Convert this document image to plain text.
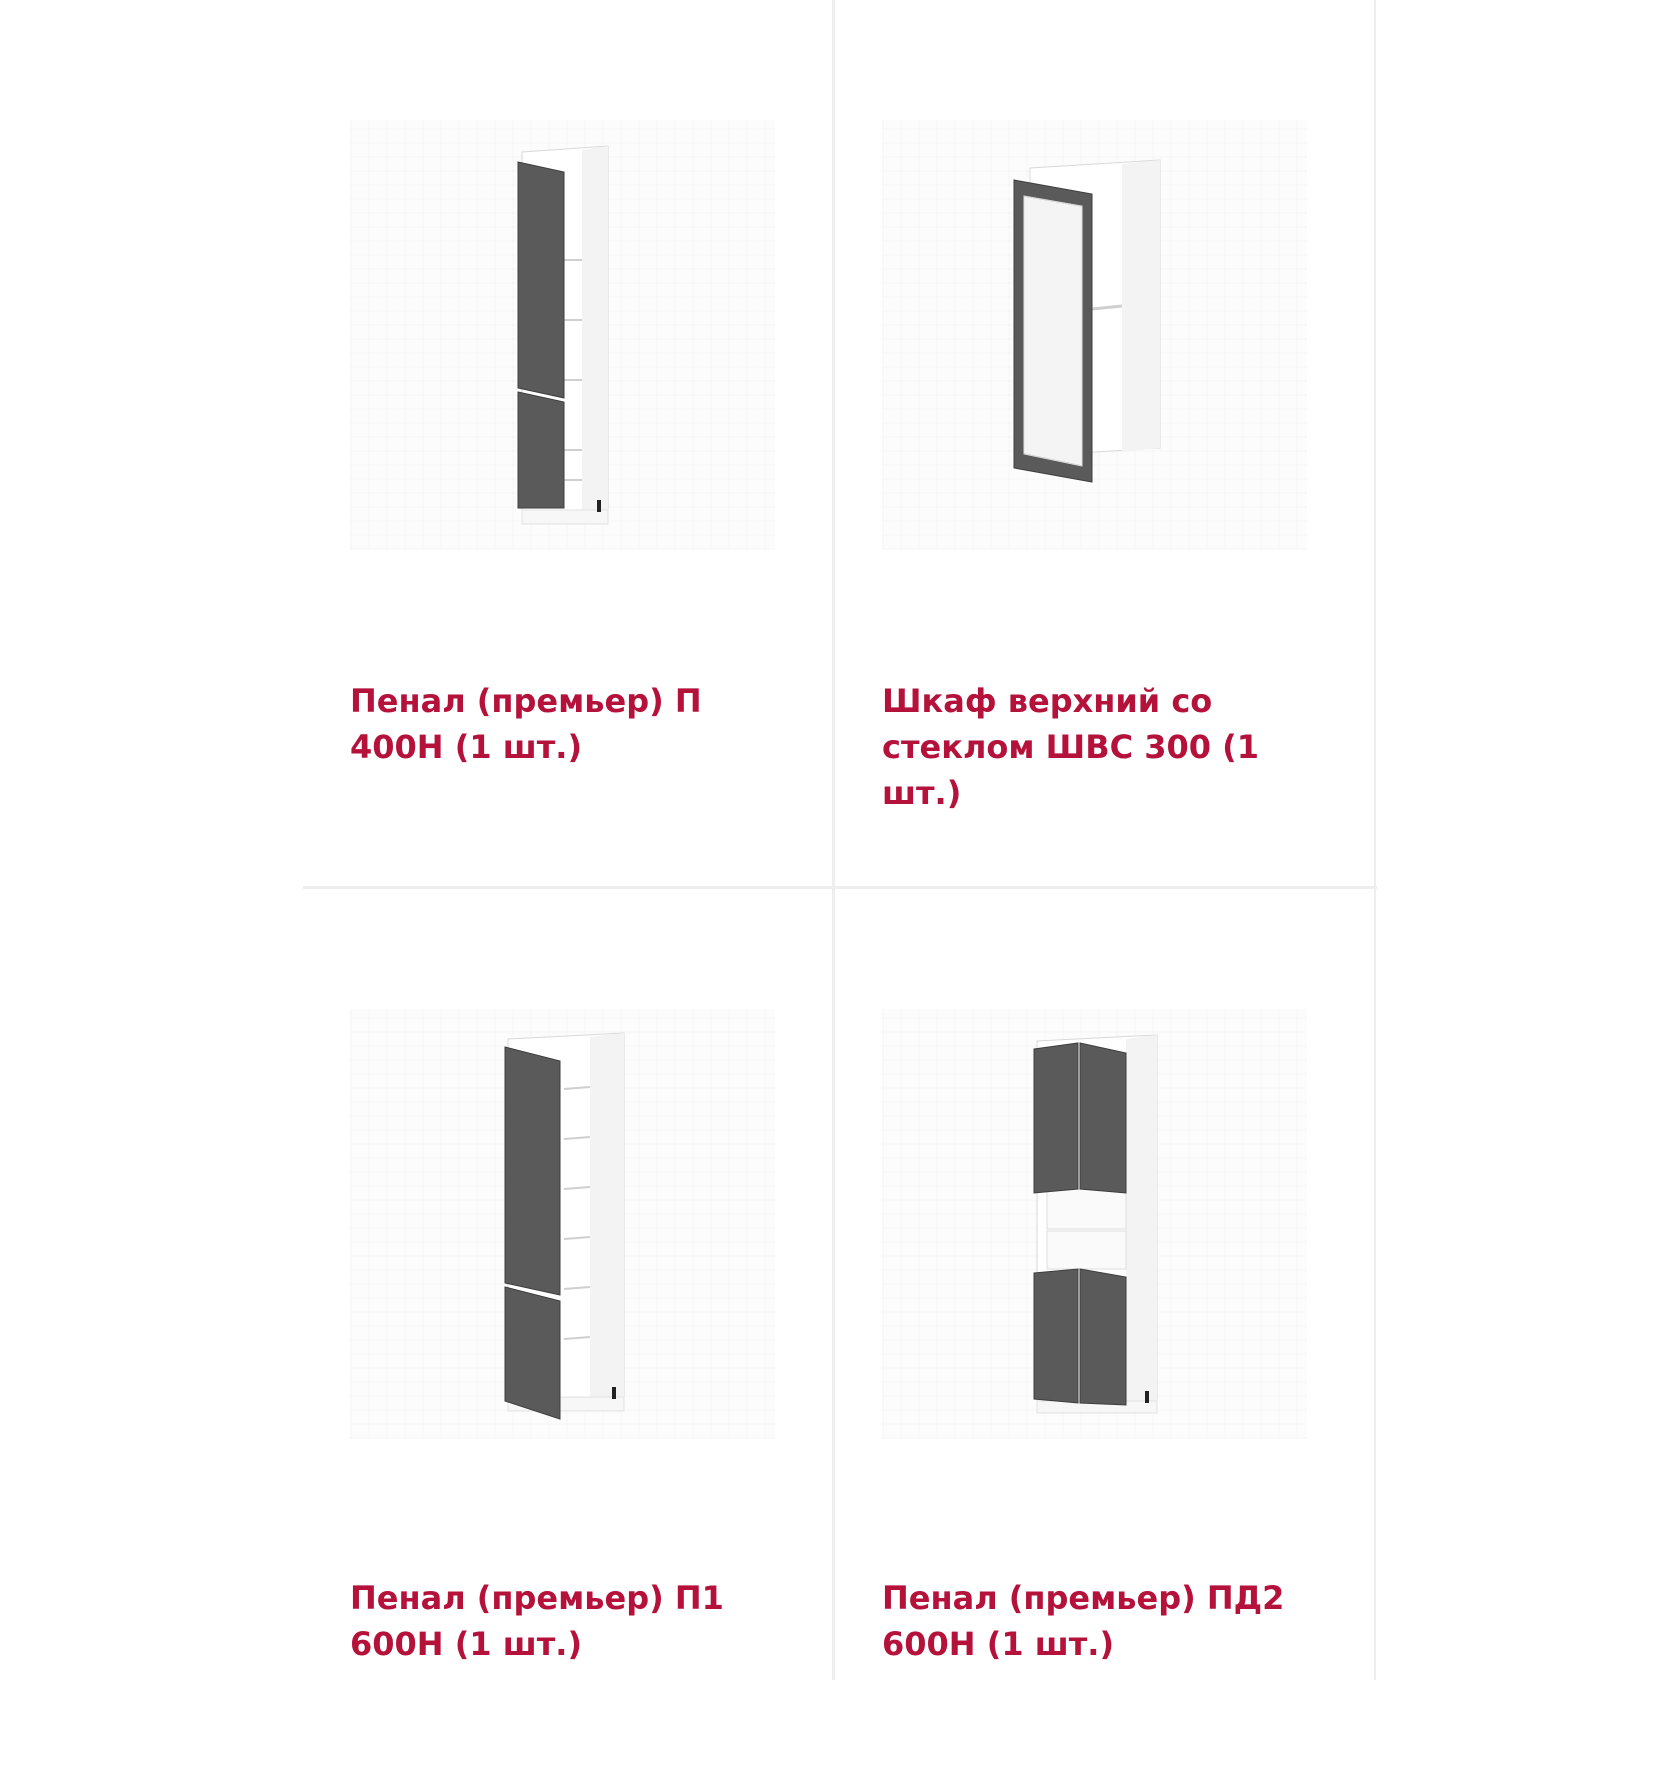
Пенал (премьер) П 400Н (1 шт.)

Шкаф верхний со стеклом ШВС 300 (1 шт.)

Пенал (премьер) П1 600Н (1 шт.)

Пенал (премьер) ПД2 600Н (1 шт.)
